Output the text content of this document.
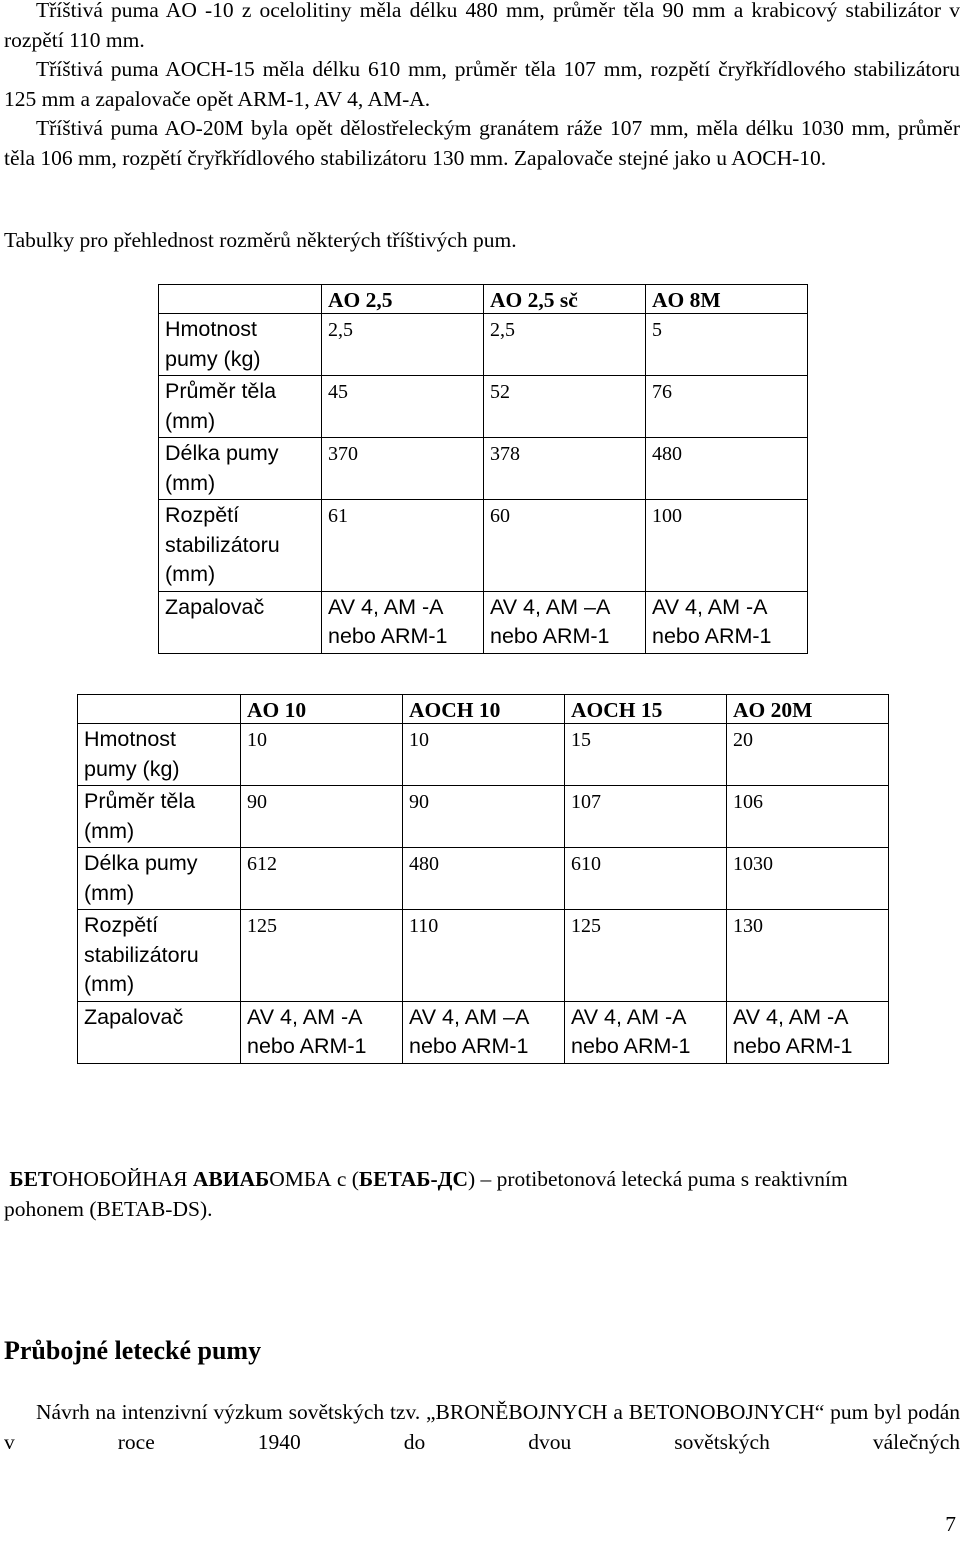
Tříštivá puma AO -10 z ocelolitiny měla délku 480 mm, průměr těla 90 mm a krabicový stabilizátor v rozpětí 110 mm.

Tříštivá puma AOCH-15 měla délku 610 mm, průměr těla 107 mm, rozpětí čryřkřídlového stabilizátoru 125 mm a zapalovače opět ARM-1, AV 4, AM-A.

Tříštivá puma AO-20M byla opět dělostřeleckým granátem ráže 107 mm, měla délku 1030 mm, průměr těla 106 mm, rozpětí čryřkřídlového stabilizátoru 130 mm. Zapalovače stejné jako u AOCH-10.

Tabulky pro přehlednost rozměrů některých tříštivých pum.
	AO 2,5	AO 2,5 sč	AO 8M
Hmotnost pumy (kg)	2,5	2,5	5
Průměr těla (mm)	45	52	76
Délka pumy (mm)	370	378	480
Rozpětí stabilizátoru (mm)	61	60	100
Zapalovač	AV 4, AM -A nebo ARM-1	AV 4, AM –A nebo ARM-1	AV 4, AM -A nebo ARM-1
	AO 10	AOCH 10	AOCH 15	AO 20M
Hmotnost pumy (kg)	10	10	15	20
Průměr těla (mm)	90	90	107	106
Délka pumy (mm)	612	480	610	1030
Rozpětí stabilizátoru (mm)	125	110	125	130
Zapalovač	AV 4, AM -A nebo ARM-1	AV 4, AM –A nebo ARM-1	AV 4, AM -A nebo ARM-1	AV 4, AM -A nebo ARM-1
БЕТОНОБОЙНАЯ АВИАБОМБА с (БЕТАБ-ДС) – protibetonová letecká puma s reaktivním pohonem (BETAB-DS).
Průbojné letecké pumy

Návrh na intenzivní výzkum sovětských tzv. „BRONĚBOJNYCH a BETONOBOJNYCH“ pum byl podán v roce 1940 do dvou sovětských válečných

7
